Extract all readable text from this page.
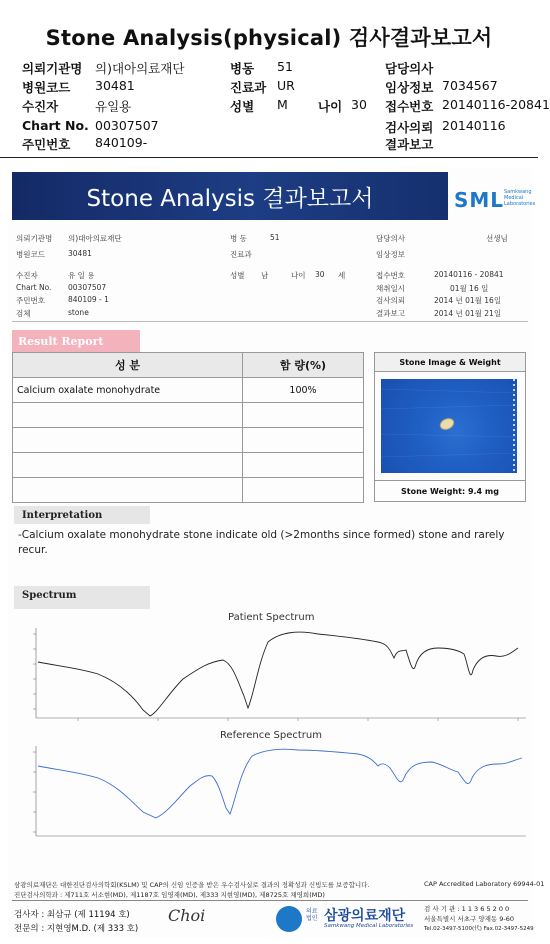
Stone Analysis(physical) 검사결과보고서
의뢰기관명 의)대아의료재단	병동 51	담당의사
병원코드 30481	진료과 UR	임상정보 7034567
수진자	유일용	성별 M 나이 30 접수번호 20140116-20841
Chart No. 00307507	검사의뢰 20140116
주민번호 840109-	결과보고
Stone Analysis 결과보고서	SML Samkwang
Medical
Laboratories
의뢰기관명 의)대아의료재단
병원코드	30481
수진자	유 일 용
Chart No. 00307507
주민번호	840109 - 1
검체	stone
병 동	51
진료과
성별 남	나이 30 세
담당의사	선생님
임상정보
접수번호	20140116 - 20841
채취일시	01월 16 일
검사의뢰	2014 년 01월 16일
결과보고	2014 년 01월 21일
Result Report
성 분	함 량(%)
Calcium oxalate monohydrate	100%

Stone Image & Weight
Stone Weight: 9.4 mg
Interpretation
-Calcium oxalate monohydrate stone indicate old (>2months since formed) stone and rarely recur.
Spectrum
Patient Spectrum
Reference Spectrum
삼광의료재단은 대한진단검사의학회(KSLM) 및 CAP의 신임 인증을 받은 우수검사실로 결과의 정확성과 신빙도를 보증합니다.
진단검사의학과 : 제711호 서소현(MD), 제1187호 임영재(MD), 제333 지현영(MD), 제8725호 채영희(MD)
CAP Accredited Laboratory 69944-01
검사자 : 최삼규 (제 11194 호)
전문의 : 지현영M.D. (제 333 호)
Choi	의료법인 삼광의료재단
Samkwang Medical Laboratories
검 사 기 관 : 1 1 3 6 5 2 0 0
서울특별시 서초구 양재동 9-60
Tel.02-3497-5100(代) Fax.02-3497-5249
